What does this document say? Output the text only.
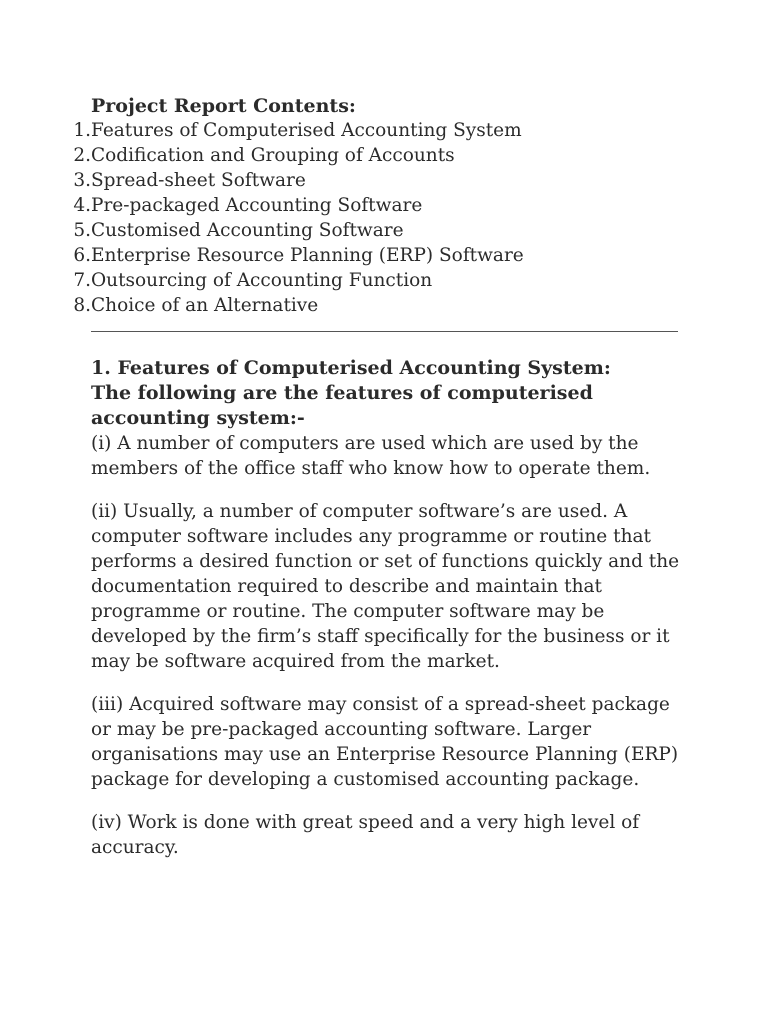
Project Report Contents:
1. Features of Computerised Accounting System
2. Codification and Grouping of Accounts
3. Spread-sheet Software
4. Pre-packaged Accounting Software
5. Customised Accounting Software
6. Enterprise Resource Planning (ERP) Software
7. Outsourcing of Accounting Function
8. Choice of an Alternative
1. Features of Computerised Accounting System:

The following are the features of computerised accounting system:-

(i) A number of computers are used which are used by the members of the office staff who know how to operate them.

(ii) Usually, a number of computer software’s are used. A computer software includes any programme or routine that performs a desired function or set of functions quickly and the documentation required to describe and maintain that programme or routine. The computer software may be developed by the firm’s staff specifically for the business or it may be software acquired from the market.

(iii) Acquired software may consist of a spread-sheet package or may be pre-packaged accounting software. Larger organisations may use an Enterprise Resource Planning (ERP) package for developing a customised accounting package.

(iv) Work is done with great speed and a very high level of accuracy.
